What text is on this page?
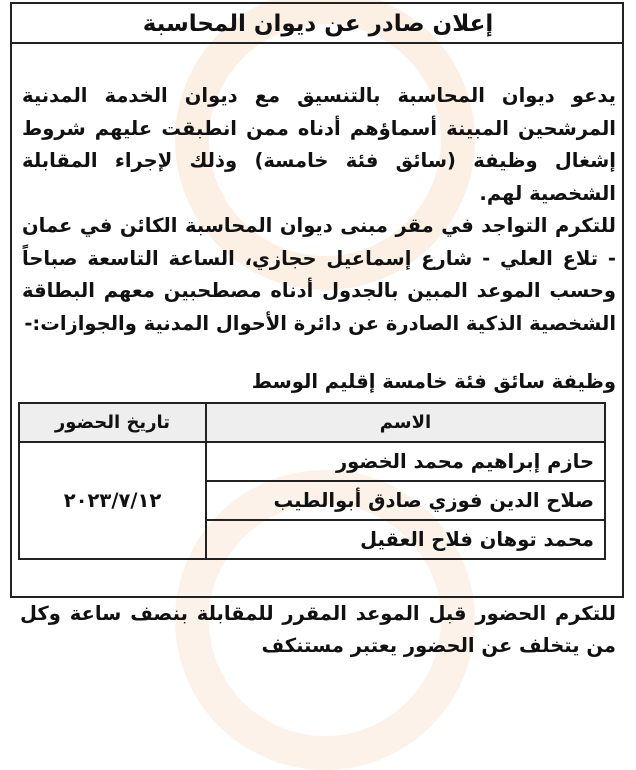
إعلان صادر عن ديوان المحاسبة

يدعو ديوان المحاسبة بالتنسيق مع ديوان الخدمة المدنية المرشحين المبينة أسماؤهم أدناه ممن انطبقت عليهم شروط إشغال وظيفة (سائق فئة خامسة) وذلك لإجراء المقابلة الشخصية لهم.

للتكرم التواجد في مقر مبنى ديوان المحاسبة الكائن في عمان - تلاع العلي - شارع إسماعيل حجازي، الساعة التاسعة صباحاً وحسب الموعد المبين بالجدول أدناه مصطحبين معهم البطاقة الشخصية الذكية الصادرة عن دائرة الأحوال المدنية والجوازات:-

وظيفة سائق فئة خامسة إقليم الوسط
الاسم	تاريخ الحضور
حازم إبراهيم محمد الخضور	٢٠٢٣/٧/١٢
صلاح الدين فوزي صادق أبوالطيب	
محمد توهان فلاح العقيل	
للتكرم الحضور قبل الموعد المقرر للمقابلة بنصف ساعة وكل من يتخلف عن الحضور يعتبر مستنكف
